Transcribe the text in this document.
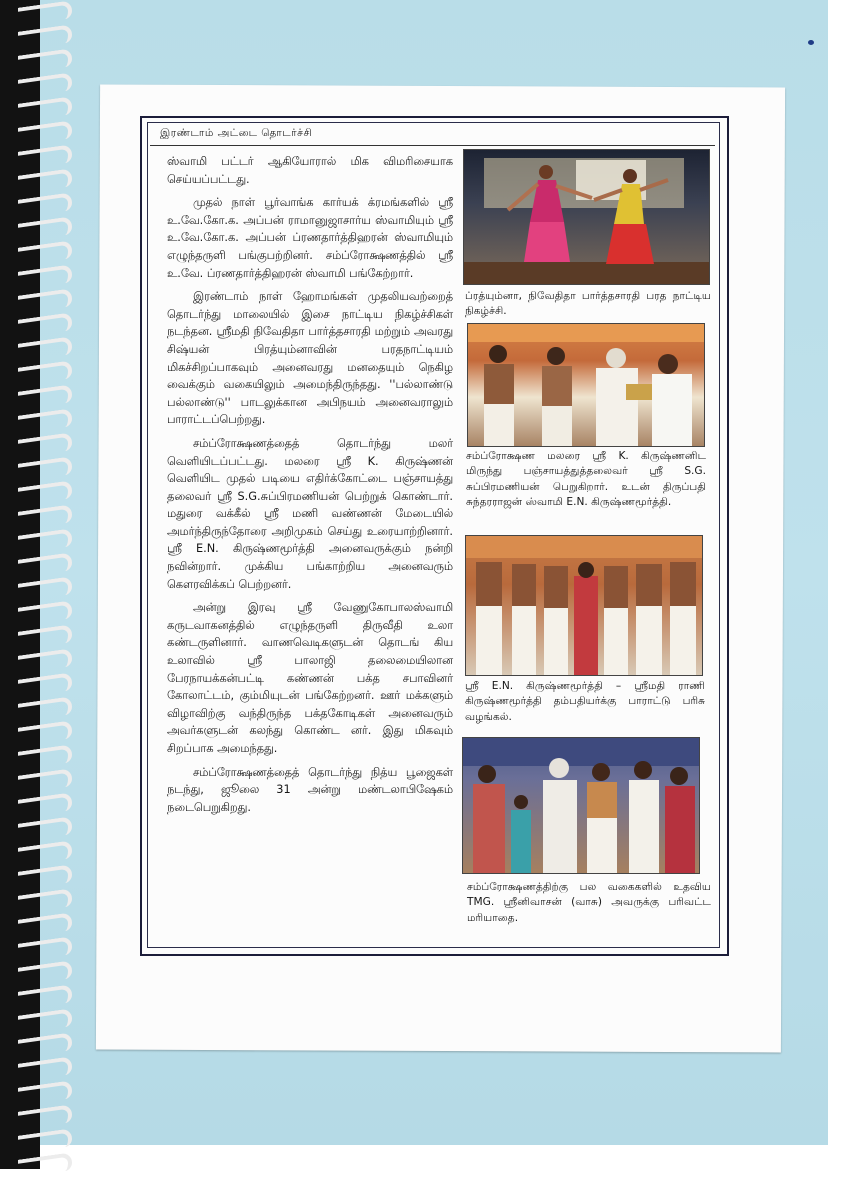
இரண்டாம் அட்டை தொடர்ச்சி

ஸ்வாமி பட்டர் ஆகியோரால் மிக விமரிசையாக செய்யப்பட்டது.

முதல் நாள் பூர்வாங்க கார்யக் க்ரமங்களில் ஸ்ரீ உ.வே.கோ.க. அப்பன் ராமானுஜாசார்ய ஸ்வாமியும் ஸ்ரீ உ.வே.கோ.க. அப்பன் ப்ரணதார்த்திஹரன் ஸ்வாமியும் எழுந்தருளி பங்குபற்றினர். சம்ப்ரோக்ஷணத்தில் ஸ்ரீ உ.வே. ப்ரணதார்த்திஹரன் ஸ்வாமி பங்கேற்றார்.

இரண்டாம் நாள் ஹோமங்கள் முதலியவற்றைத் தொடர்ந்து மாலையில் இசை நாட்டிய நிகழ்ச்சிகள் நடந்தன. ஸ்ரீமதி நிவேதிதா பார்த்தசாரதி மற்றும் அவரது சிஷ்யன் பிரத்யும்னாவின் பரதநாட்டியம் மிகச்சிறப்பாகவும் அனைவரது மனதையும் நெகிழ வைக்கும் வகையிலும் அமைந்திருந்தது. ''பல்லாண்டு பல்லாண்டு'' பாடலுக்கான அபிநயம் அனைவராலும் பாராட்டப்பெற்றது.

சம்ப்ரோக்ஷணத்தைத் தொடர்ந்து மலர் வெளியிடப்பட்டது. மலரை ஸ்ரீ K. கிருஷ்ணன் வெளியிட முதல் படியை எதிர்க்கோட்டை பஞ்சாயத்து தலைவர் ஸ்ரீ S.G.சுப்பிரமணியன் பெற்றுக் கொண்டார். மதுரை வக்கீல் ஸ்ரீ மணி வண்ணன் மேடையில் அமர்ந்திருந்தோரை அறிமுகம் செய்து உரையாற்றினார். ஸ்ரீ E.N. கிருஷ்ணமூர்த்தி அனைவருக்கும் நன்றி நவின்றார். முக்கிய பங்காற்றிய அனைவரும் கௌரவிக்கப் பெற்றனர்.

அன்று இரவு ஸ்ரீ வேணுகோபாலஸ்வாமி கருடவாகனத்தில் எழுந்தருளி திருவீதி உலா கண்டருளினார். வாணவெடிகளுடன் தொடங் கிய உலாவில் ஸ்ரீ பாலாஜி தலைமையிலான பேரநாயக்கன்பட்டி கண்ணன் பக்த சபாவினர் கோலாட்டம், கும்மியுடன் பங்கேற்றனர். ஊர் மக்களும் விழாவிற்கு வந்திருந்த பக்தகோடிகள் அனைவரும் அவர்களுடன் கலந்து கொண்ட னர். இது மிகவும் சிறப்பாக அமைந்தது.

சம்ப்ரோக்ஷணத்தைத் தொடர்ந்து நித்ய பூஜைகள் நடந்து, ஜூலை 31 அன்று மண்டலாபிஷேகம் நடைபெறுகிறது.

ப்ரத்யும்னா, நிவேதிதா பார்த்தசாரதி பரத நாட்டிய நிகழ்ச்சி.
சம்ப்ரோக்ஷண மலரை ஸ்ரீ K. கிருஷ்ணனிட மிருந்து பஞ்சாயத்துத்தலைவர் ஸ்ரீ S.G. சுப்பிரமணியன் பெறுகிறார். உடன் திருப்பதி சுந்தரராஜன் ஸ்வாமி E.N. கிருஷ்ணமூர்த்தி.
ஸ்ரீ E.N. கிருஷ்ணமூர்த்தி – ஸ்ரீமதி ராணி கிருஷ்ணமூர்த்தி தம்பதியர்க்கு பாராட்டு பரிசு வழங்கல்.
சம்ப்ரோக்ஷணத்திற்கு பல வகைகளில் உதவிய TMG. ஸ்ரீனிவாசன் (வாசு) அவருக்கு பரிவட்ட மரியாதை.
